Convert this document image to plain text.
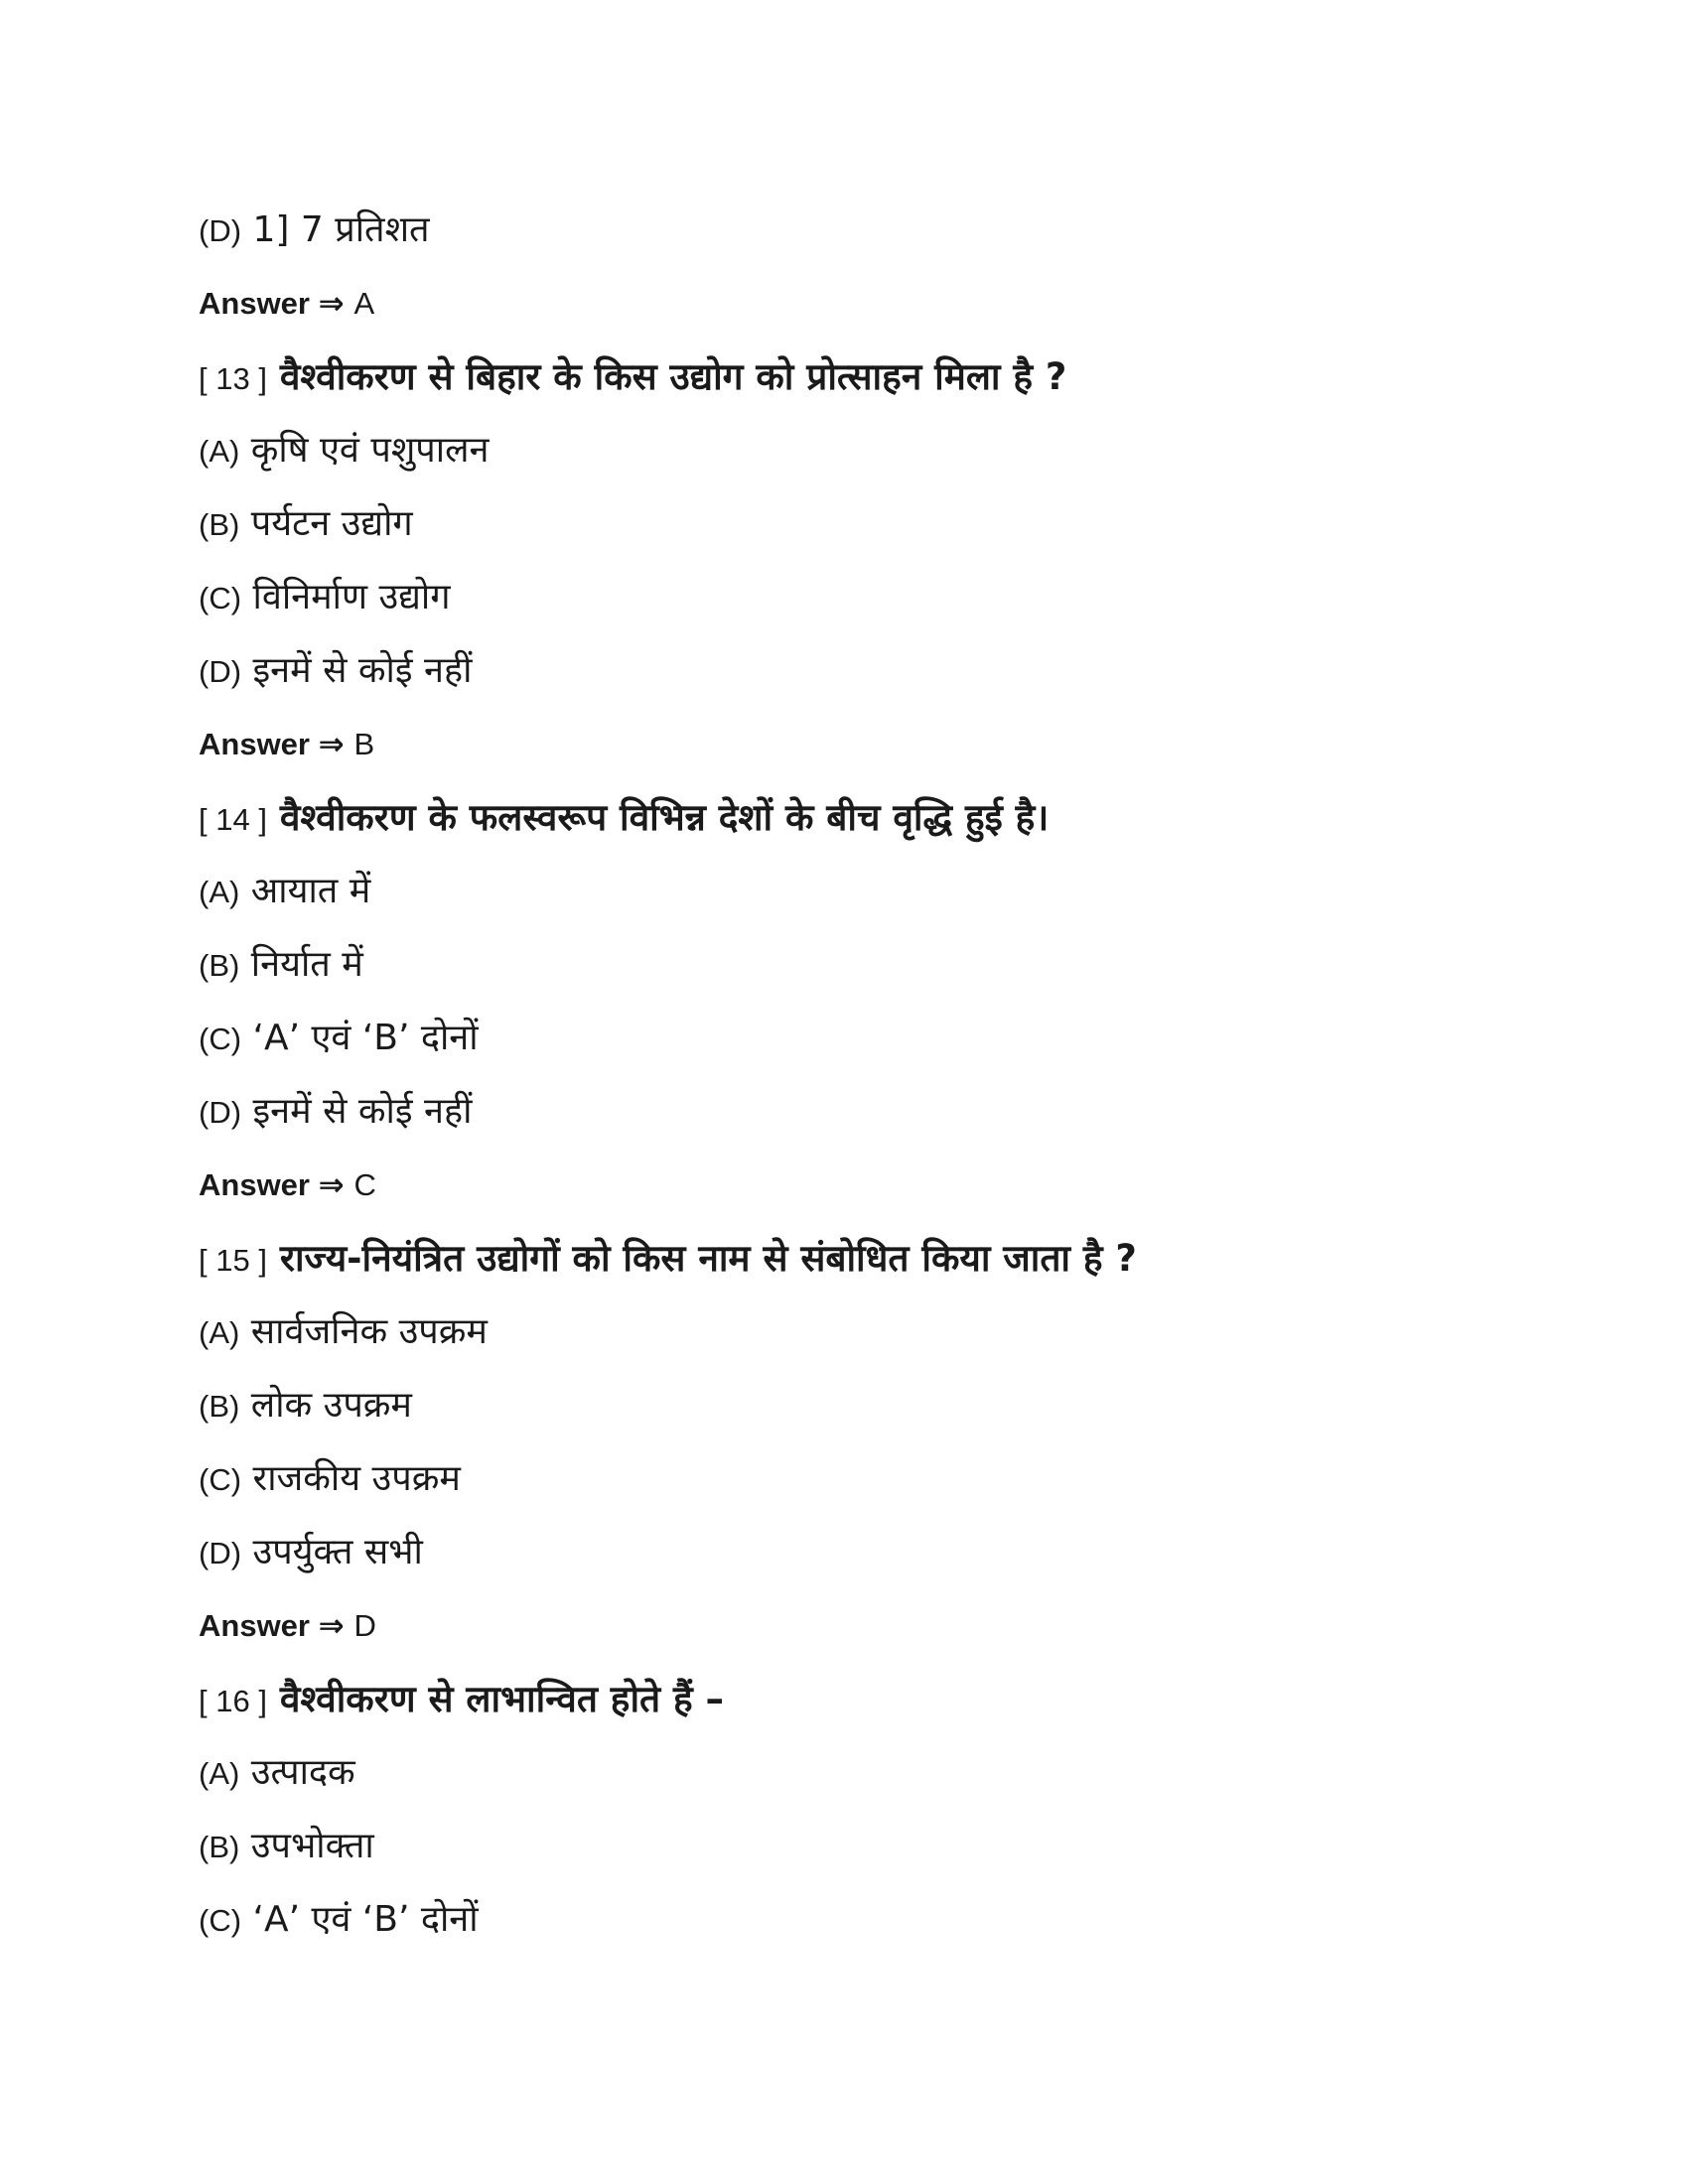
(D) 1] 7 प्रतिशत
Answer ⇒ A
[ 13 ] वैश्वीकरण से बिहार के किस उद्योग को प्रोत्साहन मिला है ?
(A) कृषि एवं पशुपालन
(B) पर्यटन उद्योग
(C) विनिर्माण उद्योग
(D) इनमें से कोई नहीं
Answer ⇒ B
[ 14 ] वैश्वीकरण के फलस्वरूप विभिन्न देशों के बीच वृद्धि हुई है।
(A) आयात में
(B) निर्यात में
(C) ‘A’ एवं ‘B’ दोनों
(D) इनमें से कोई नहीं
Answer ⇒ C
[ 15 ] राज्य-नियंत्रित उद्योगों को किस नाम से संबोधित किया जाता है ?
(A) सार्वजनिक उपक्रम
(B) लोक उपक्रम
(C) राजकीय उपक्रम
(D) उपर्युक्त सभी
Answer ⇒ D
[ 16 ] वैश्वीकरण से लाभान्वित होते हैं –
(A) उत्पादक
(B) उपभोक्ता
(C) ‘A’ एवं ‘B’ दोनों
